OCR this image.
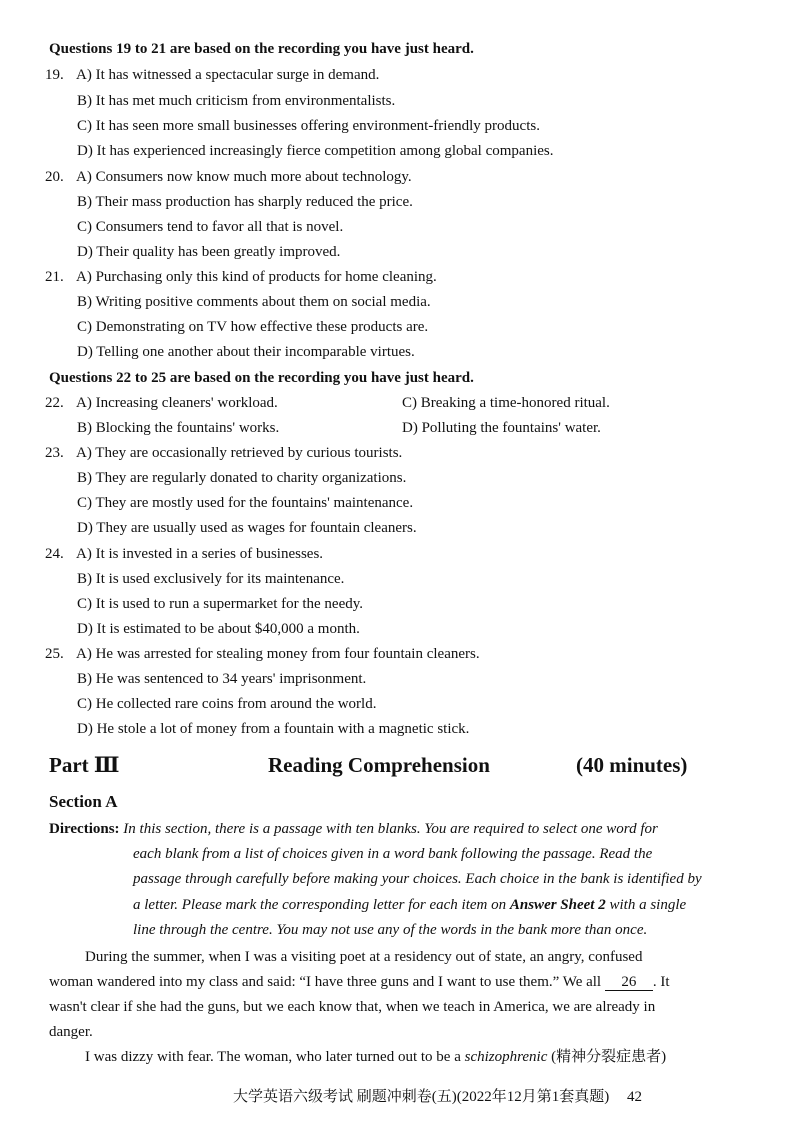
Questions 19 to 21 are based on the recording you have just heard.
19. A) It has witnessed a spectacular surge in demand.
B) It has met much criticism from environmentalists.
C) It has seen more small businesses offering environment-friendly products.
D) It has experienced increasingly fierce competition among global companies.
20. A) Consumers now know much more about technology.
B) Their mass production has sharply reduced the price.
C) Consumers tend to favor all that is novel.
D) Their quality has been greatly improved.
21. A) Purchasing only this kind of products for home cleaning.
B) Writing positive comments about them on social media.
C) Demonstrating on TV how effective these products are.
D) Telling one another about their incomparable virtues.
Questions 22 to 25 are based on the recording you have just heard.
22. A) Increasing cleaners' workload.	C) Breaking a time-honored ritual.
B) Blocking the fountains' works.	D) Polluting the fountains' water.
23. A) They are occasionally retrieved by curious tourists.
B) They are regularly donated to charity organizations.
C) They are mostly used for the fountains' maintenance.
D) They are usually used as wages for fountain cleaners.
24. A) It is invested in a series of businesses.
B) It is used exclusively for its maintenance.
C) It is used to run a supermarket for the needy.
D) It is estimated to be about $40,000 a month.
25. A) He was arrested for stealing money from four fountain cleaners.
B) He was sentenced to 34 years' imprisonment.
C) He collected rare coins from around the world.
D) He stole a lot of money from a fountain with a magnetic stick.
Part Ⅲ	Reading Comprehension	(40 minutes)
Section A
Directions: In this section, there is a passage with ten blanks. You are required to select one word for
each blank from a list of choices given in a word bank following the passage. Read the
passage through carefully before making your choices. Each choice in the bank is identified by
a letter. Please mark the corresponding letter for each item on Answer Sheet 2 with a single
line through the centre. You may not use any of the words in the bank more than once.
During the summer, when I was a visiting poet at a residency out of state, an angry, confused
woman wandered into my class and said: “I have three guns and I want to use them.” We all 26 . It
wasn't clear if she had the guns, but we each know that, when we teach in America, we are already in
danger.
I was dizzy with fear. The woman, who later turned out to be a schizophrenic (精神分裂症患者)
大学英语六级考试 刷题冲刺卷(五)(2022年12月第1套真题) 42
